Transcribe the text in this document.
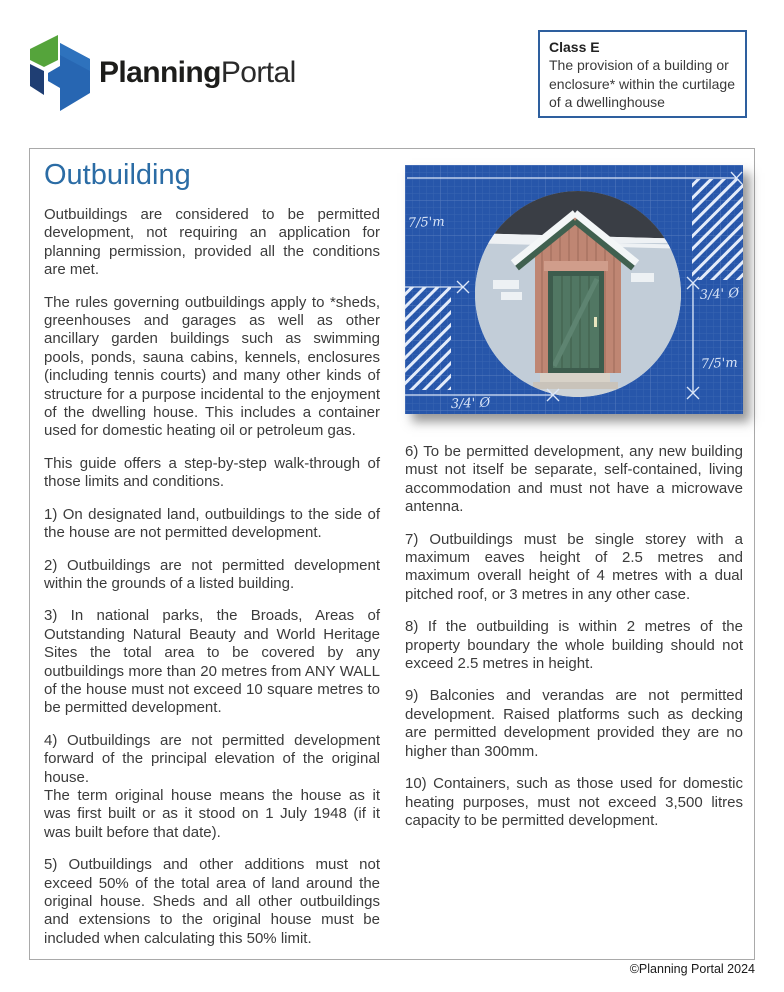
PlanningPortal
Class E
The provision of a building or enclosure* within the curtilage of a dwellinghouse
Outbuilding

Outbuildings are considered to be permitted development, not requiring an application for planning permission, provided all the conditions are met.

The rules governing outbuildings apply to *sheds, greenhouses and garages as well as other ancillary garden buildings such as swimming pools, ponds, sauna cabins, kennels, enclosures (including tennis courts) and many other kinds of structure for a purpose incidental to the enjoyment of the dwelling house. This includes a container used for domestic heating oil or petroleum gas.

This guide offers a step-by-step walk-through of those limits and conditions.

1) On designated land, outbuildings to the side of the house are not permitted development.

2) Outbuildings are not permitted development within the grounds of a listed building.

3) In national parks, the Broads, Areas of Outstanding Natural Beauty and World Heritage Sites the total area to be covered by any outbuildings more than 20 metres from ANY WALL of the house must not exceed 10 square metres to be permitted development.

4) Outbuildings are not permitted development forward of the principal elevation of the original house.

The term original house means the house as it was first built or as it stood on 1 July 1948 (if it was built before that date).

5) Outbuildings and other additions must not exceed 50% of the total area of land around the original house. Sheds and all other outbuildings and extensions to the original house must be included when calculating this 50% limit.

7/5'm
3/4' Ø
3/4' Ø
7/5'm

6) To be permitted development, any new building must not itself be separate, self-contained, living accommodation and must not have a microwave antenna.

7) Outbuildings must be single storey with a maximum eaves height of 2.5 metres and maximum overall height of 4 metres with a dual pitched roof, or 3 metres in any other case.

8) If the outbuilding is within 2 metres of the property boundary the whole building should not exceed 2.5 metres in height.

9) Balconies and verandas are not permitted development. Raised platforms such as decking are permitted development provided they are no higher than 300mm.

10) Containers, such as those used for domestic heating purposes, must not exceed 3,500 litres capacity to be permitted development.

©Planning Portal 2024
